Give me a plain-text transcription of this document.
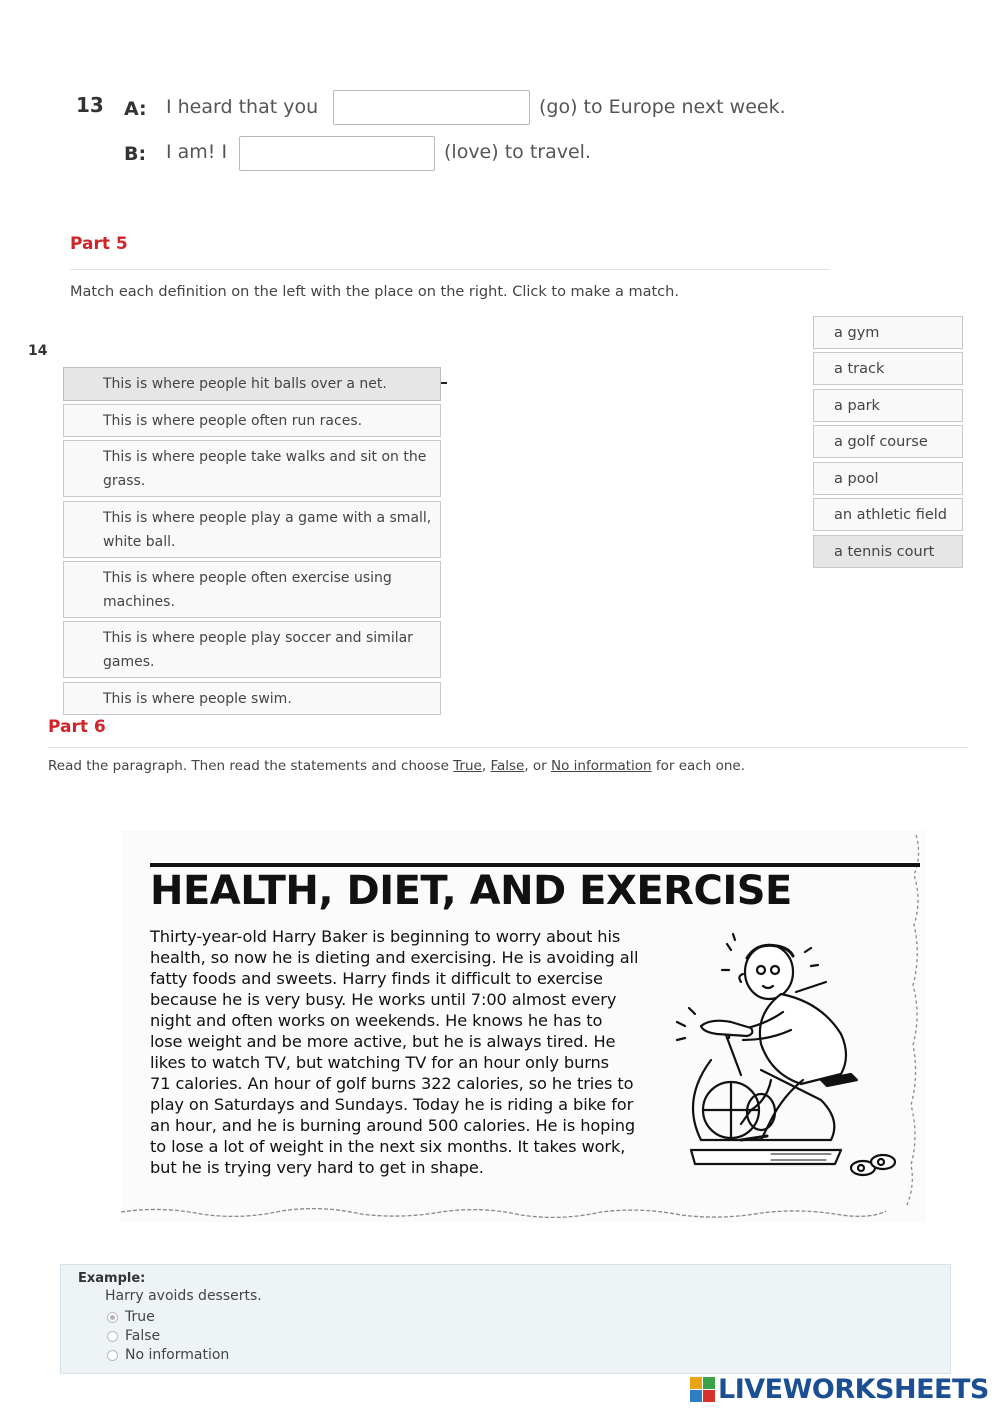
13 A: I heard that you	(go) to Europe next week.
B: I am! I	(love) to travel.
Part 5
Match each definition on the left with the place on the right. Click to make a match.
14
This is where people hit balls over a net.
This is where people often run races.
This is where people take walks and sit on the grass.
This is where people play a game with a small, white ball.
This is where people often exercise using machines.
This is where people play soccer and similar games.
This is where people swim.
a gym
a track
a park
a golf course
a pool
an athletic field
a tennis court
Part 6
Read the paragraph. Then read the statements and choose True, False, or No information for each one.
HEALTH, DIET, AND EXERCISE
Thirty-year-old Harry Baker is beginning to worry about his
health, so now he is dieting and exercising. He is avoiding all
fatty foods and sweets. Harry finds it difficult to exercise
because he is very busy. He works until 7:00 almost every
night and often works on weekends. He knows he has to
lose weight and be more active, but he is always tired. He
likes to watch TV, but watching TV for an hour only burns
71 calories. An hour of golf burns 322 calories, so he tries to
play on Saturdays and Sundays. Today he is riding a bike for
an hour, and he is burning around 500 calories. He is hoping
to lose a lot of weight in the next six months. It takes work,
but he is trying very hard to get in shape.
Example:
Harry avoids desserts.
True
False
No information
LIVEWORKSHEETS
